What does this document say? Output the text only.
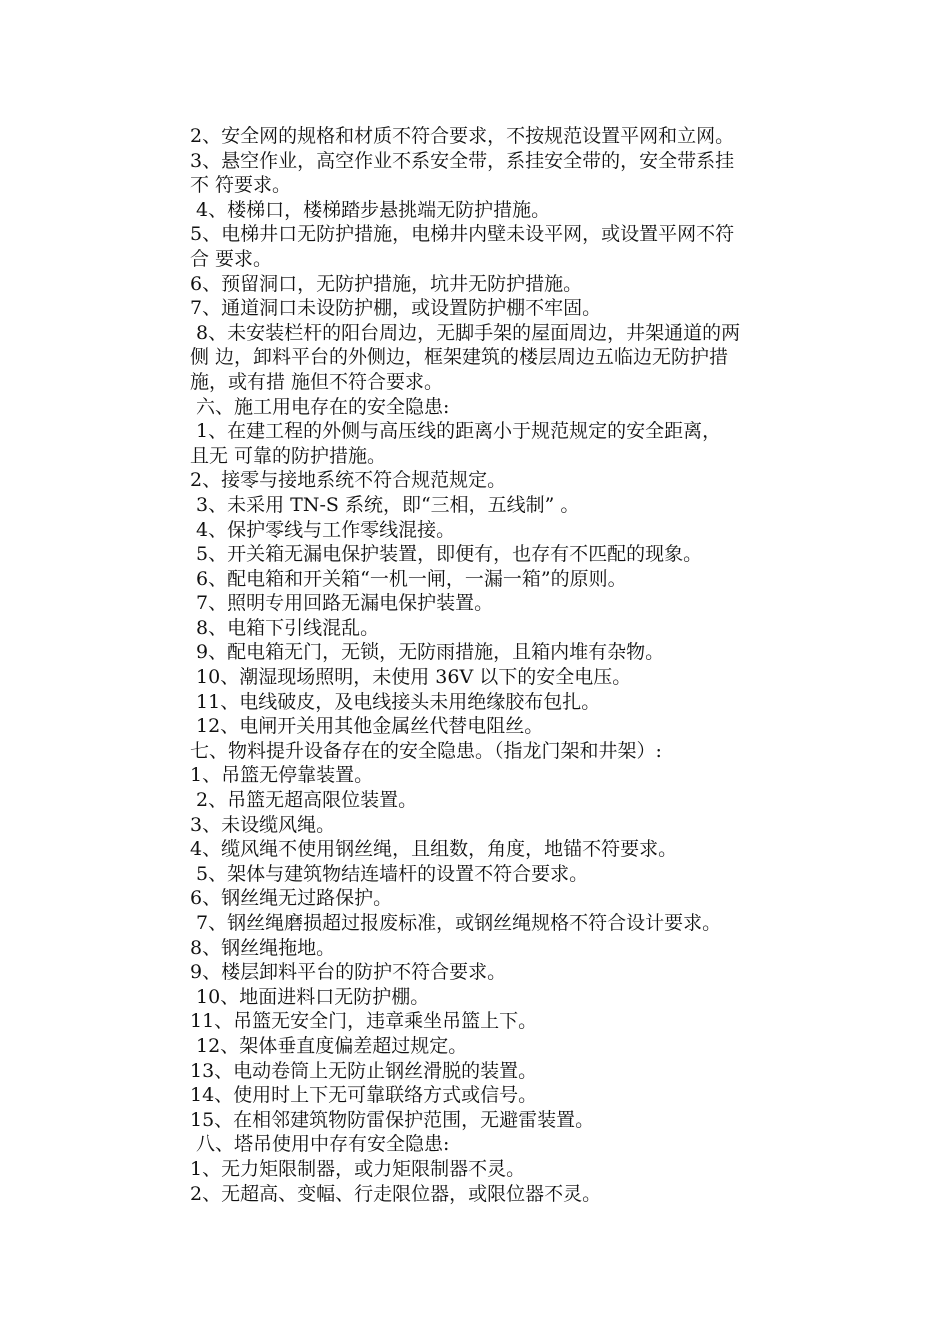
2、安全网的规格和材质不符合要求，不按规范设置平网和立网。

3、悬空作业，高空作业不系安全带，系挂安全带的，安全带系挂

不 符要求。

4、楼梯口，楼梯踏步悬挑端无防护措施。

5、电梯井口无防护措施，电梯井内壁未设平网，或设置平网不符

合 要求。

6、预留洞口，无防护措施，坑井无防护措施。

7、通道洞口未设防护棚，或设置防护棚不牢固。

8、未安装栏杆的阳台周边，无脚手架的屋面周边，井架通道的两

侧 边，卸料平台的外侧边，框架建筑的楼层周边五临边无防护措

施，或有措 施但不符合要求。

六、施工用电存在的安全隐患:

1、在建工程的外侧与高压线的距离小于规范规定的安全距离，

且无 可靠的防护措施。

2、接零与接地系统不符合规范规定。

3、未采用 TN-S 系统，即“三相，五线制” 。

4、保护零线与工作零线混接。

5、开关箱无漏电保护装置，即便有，也存有不匹配的现象。

6、配电箱和开关箱“一机一闸，一漏一箱”的原则。

7、照明专用回路无漏电保护装置。

8、电箱下引线混乱。

9、配电箱无门，无锁，无防雨措施，且箱内堆有杂物。

10、潮湿现场照明，未使用 36V 以下的安全电压。

11、电线破皮，及电线接头未用绝缘胶布包扎。

12、电闸开关用其他金属丝代替电阻丝。

七、物料提升设备存在的安全隐患。（指龙门架和井架）:

1、吊篮无停靠装置。

2、吊篮无超高限位装置。

3、未设缆风绳。

4、缆风绳不使用钢丝绳，且组数，角度，地锚不符要求。

5、架体与建筑物结连墙杆的设置不符合要求。

6、钢丝绳无过路保护。

7、钢丝绳磨损超过报废标准，或钢丝绳规格不符合设计要求。

8、钢丝绳拖地。

9、楼层卸料平台的防护不符合要求。

10、地面进料口无防护棚。

11、吊篮无安全门，违章乘坐吊篮上下。

12、架体垂直度偏差超过规定。

13、电动卷筒上无防止钢丝滑脱的装置。

14、使用时上下无可靠联络方式或信号。

15、在相邻建筑物防雷保护范围，无避雷装置。

八、塔吊使用中存有安全隐患:

1、无力矩限制器，或力矩限制器不灵。

2、无超高、变幅、行走限位器，或限位器不灵。
